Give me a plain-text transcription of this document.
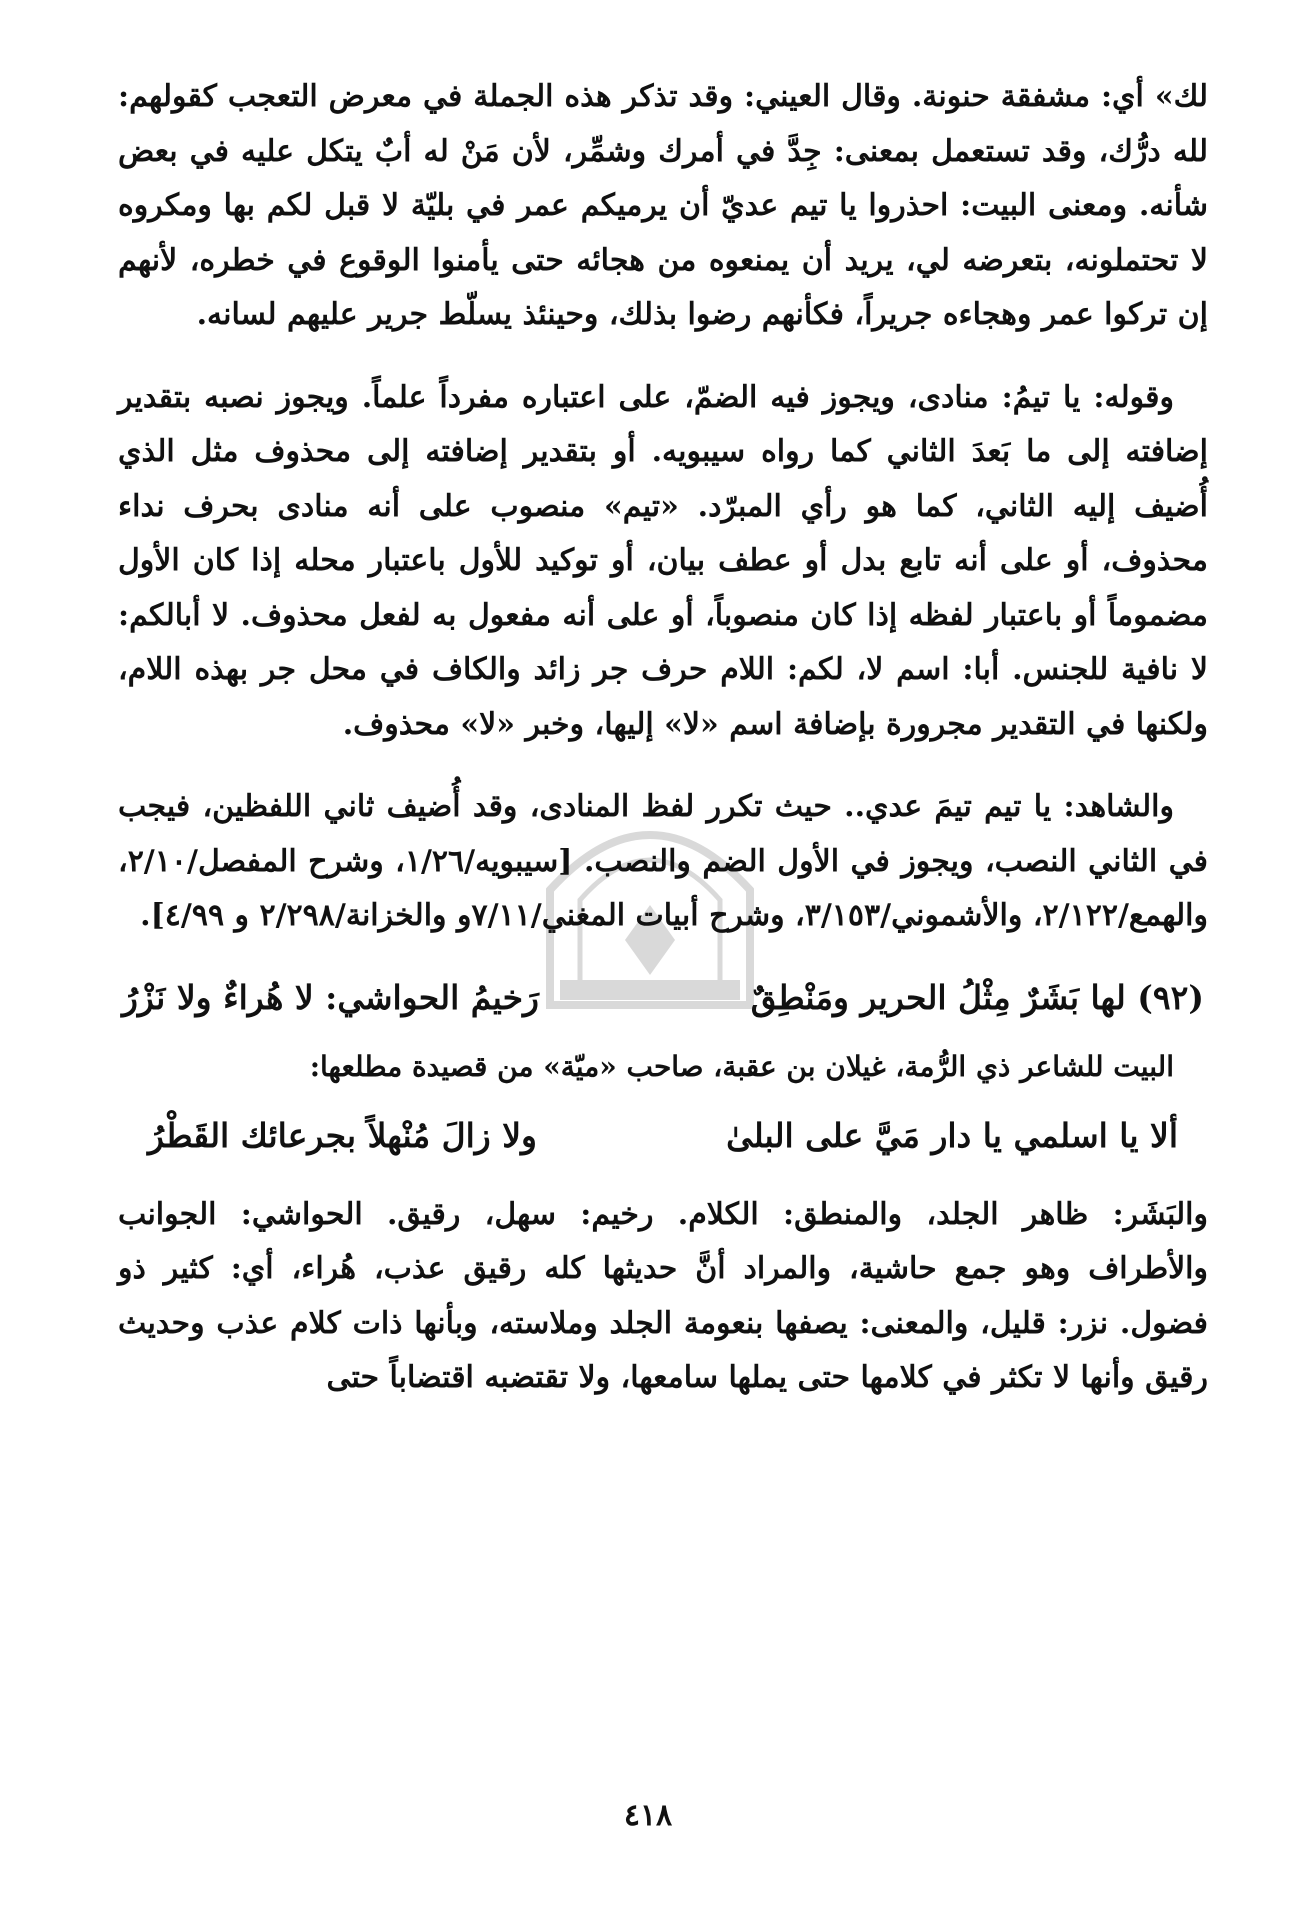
لك» أي: مشفقة حنونة. وقال العيني: وقد تذكر هذه الجملة في معرض التعجب كقولهم: لله درُّك، وقد تستعمل بمعنى: جِدَّ في أمرك وشمِّر، لأن مَنْ له أبٌ يتكل عليه في بعض شأنه. ومعنى البيت: احذروا يا تيم عديّ أن يرميكم عمر في بليّة لا قبل لكم بها ومكروه لا تحتملونه، بتعرضه لي، يريد أن يمنعوه من هجائه حتى يأمنوا الوقوع في خطره، لأنهم إن تركوا عمر وهجاءه جريراً، فكأنهم رضوا بذلك، وحينئذ يسلّط جرير عليهم لسانه.

وقوله: يا تيمُ: منادى، ويجوز فيه الضمّ، على اعتباره مفرداً علماً. ويجوز نصبه بتقدير إضافته إلى ما بَعدَ الثاني كما رواه سيبويه. أو بتقدير إضافته إلى محذوف مثل الذي أُضيف إليه الثاني، كما هو رأي المبرّد. «تيم» منصوب على أنه منادى بحرف نداء محذوف، أو على أنه تابع بدل أو عطف بيان، أو توكيد للأول باعتبار محله إذا كان الأول مضموماً أو باعتبار لفظه إذا كان منصوباً، أو على أنه مفعول به لفعل محذوف. لا أبالكم: لا نافية للجنس. أبا: اسم لا، لكم: اللام حرف جر زائد والكاف في محل جر بهذه اللام، ولكنها في التقدير مجرورة بإضافة اسم «لا» إليها، وخبر «لا» محذوف.

والشاهد: يا تيم تيمَ عدي.. حيث تكرر لفظ المنادى، وقد أُضيف ثاني اللفظين، فيجب في الثاني النصب، ويجوز في الأول الضم والنصب. [سيبويه/١/٢٦، وشرح المفصل/٢/١٠، والهمع/٢/١٢٢، والأشموني/٣/١٥٣، وشرح أبيات المغني/٧/١١و والخزانة/٢/٢٩٨ و ٤/٩٩].

(٩٢) لها بَشَرٌ مِثْلُ الحرير ومَنْطِقٌ
رَخيمُ الحواشي: لا هُراءٌ ولا نَزْرُ

البيت للشاعر ذي الرُّمة، غيلان بن عقبة، صاحب «ميّة» من قصيدة مطلعها:

ألا يا اسلمي يا دار مَيَّ على البلىٰ
ولا زالَ مُنْهلاً بجرعائك القَطْرُ

والبَشَر: ظاهر الجلد، والمنطق: الكلام. رخيم: سهل، رقيق. الحواشي: الجوانب والأطراف وهو جمع حاشية، والمراد أنَّ حديثها كله رقيق عذب، هُراء، أي: كثير ذو فضول. نزر: قليل، والمعنى: يصفها بنعومة الجلد وملاسته، وبأنها ذات كلام عذب وحديث رقيق وأنها لا تكثر في كلامها حتى يملها سامعها، ولا تقتضبه اقتضاباً حتى

٤١٨
